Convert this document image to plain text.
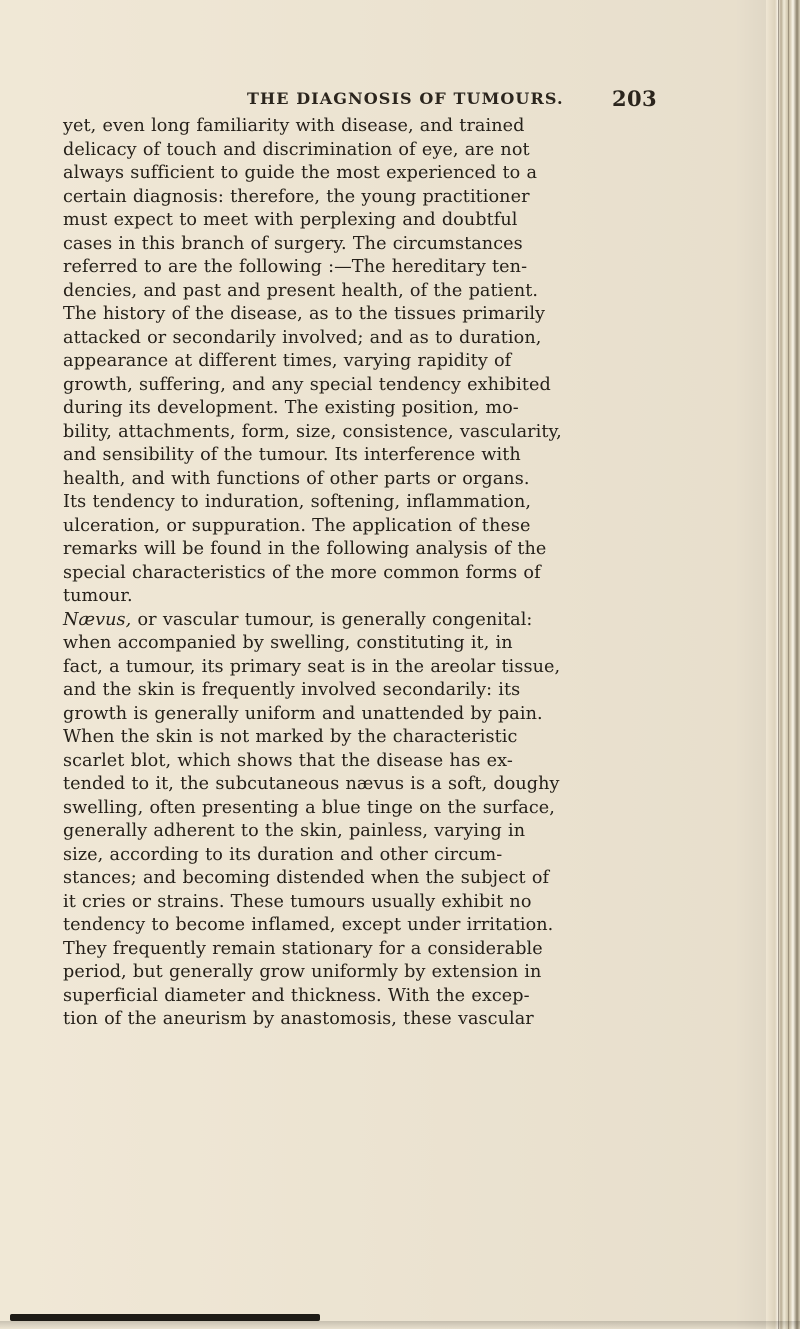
THE DIAGNOSIS OF TUMOURS. 203
yet, even long familiarity with disease, and trained
delicacy of touch and discrimination of eye, are not
always sufficient to guide the most experienced to a
certain diagnosis: therefore, the young practitioner
must expect to meet with perplexing and doubtful
cases in this branch of surgery. The circumstances
referred to are the following :—The hereditary ten-
dencies, and past and present health, of the patient.
The history of the disease, as to the tissues primarily
attacked or secondarily involved; and as to duration,
appearance at different times, varying rapidity of
growth, suffering, and any special tendency exhibited
during its development. The existing position, mo-
bility, attachments, form, size, consistence, vascularity,
and sensibility of the tumour. Its interference with
health, and with functions of other parts or organs.
Its tendency to induration, softening, inflammation,
ulceration, or suppuration. The application of these
remarks will be found in the following analysis of the
special characteristics of the more common forms of
tumour.
Nævus, or vascular tumour, is generally congenital:
when accompanied by swelling, constituting it, in
fact, a tumour, its primary seat is in the areolar tissue,
and the skin is frequently involved secondarily: its
growth is generally uniform and unattended by pain.
When the skin is not marked by the characteristic
scarlet blot, which shows that the disease has ex-
tended to it, the subcutaneous nævus is a soft, doughy
swelling, often presenting a blue tinge on the surface,
generally adherent to the skin, painless, varying in
size, according to its duration and other circum-
stances; and becoming distended when the subject of
it cries or strains. These tumours usually exhibit no
tendency to become inflamed, except under irritation.
They frequently remain stationary for a considerable
period, but generally grow uniformly by extension in
superficial diameter and thickness. With the excep-
tion of the aneurism by anastomosis, these vascular
